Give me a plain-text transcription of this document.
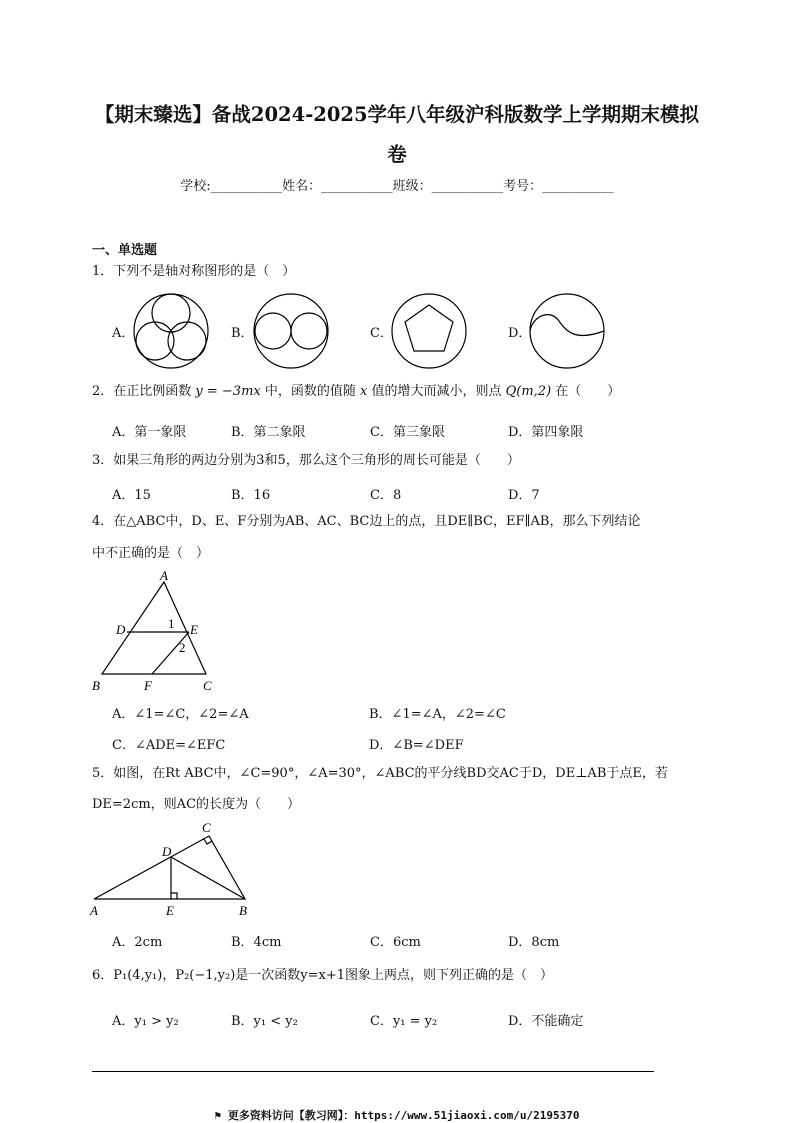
【期末臻选】备战2024-2025学年八年级沪科版数学上学期期末模拟
卷
学校:___________姓名：___________班级：___________考号：___________
一、单选题
1．下列不是轴对称图形的是（　）
A．	B．	C．	D．
2．在正比例函数 y = −3mx 中，函数的值随 x 值的增大而减小，则点 Q(m,2) 在（　　）
A．第一象限	B．第二象限	C．第三象限	D．第四象限
3．如果三角形的两边分别为3和5，那么这个三角形的周长可能是（　　）
A．15	B．16	C．8	D．7
4．在△ABC中，D、E、F分别为AB、AC、BC边上的点，且DE∥BC，EF∥AB，那么下列结论
中不正确的是（　）
A
B	C
D	E
F
1
2
A．∠1=∠C，∠2=∠A	B．∠1=∠A，∠2=∠C
C．∠ADE=∠EFC	D．∠B=∠DEF
5．如图，在Rt ABC中，∠C=90°，∠A=30°，∠ABC的平分线BD交AC于D，DE⊥AB于点E，若
DE=2cm，则AC的长度为（　　）
C
D
A	E	B
A．2cm	B．4cm	C．6cm	D．8cm
6．P₁(4,y₁)，P₂(−1,y₂)是一次函数y=x+1图象上两点，则下列正确的是（　）
A．y₁ > y₂	B．y₁ < y₂	C．y₁ = y₂	D．不能确定
⚑ 更多资料访问【教习网】：https://www.51jiaoxi.com/u/2195370
